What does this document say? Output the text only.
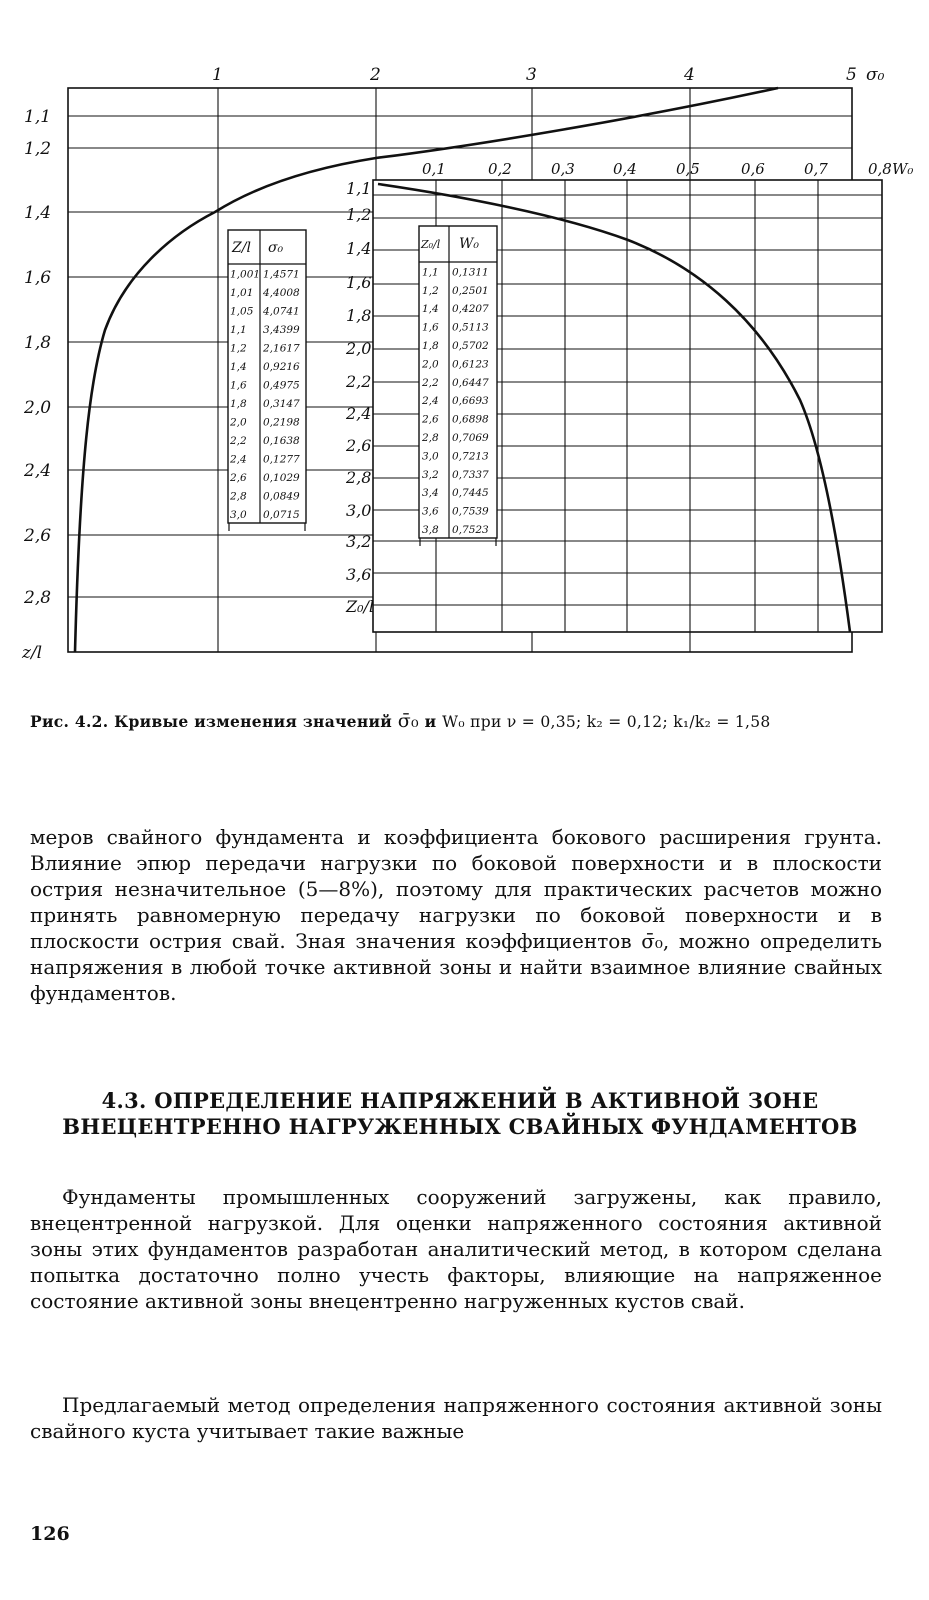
1	2	3	4	5 σ₀
1,1
1,2
1,4
1,6
1,8
2,0
2,4
2,6
2,8
z/l
Z/l σ₀
1,001 1,4571
1,01 4,4008
1,05 4,0741
1,1 3,4399
1,2 2,1617
1,4 0,9216
1,6 0,4975
1,8 0,3147
2,0 0,2198
2,2 0,1638
2,4 0,1277
2,6 0,1029
2,8 0,0849
3,0 0,0715
0,1	0,2	0,3	0,4	0,5	0,6	0,7	0,8 W₀
1,1
1,2
1,4
1,6
1,8
2,0
2,2
2,4
2,6
2,8
3,0
3,2
3,6
Z₀/l
Z₀/l W₀
1,1 0,1311
1,2 0,2501
1,4 0,4207
1,6 0,5113
1,8 0,5702
2,0 0,6123
2,2 0,6447
2,4 0,6693
2,6 0,6898
2,8 0,7069
3,0 0,7213
3,2 0,7337
3,4 0,7445
3,6 0,7539
3,8 0,7523
Рис. 4.2. Кривые изменения значений σ̄₀ и W₀ при ν = 0,35; k₂ = 0,12; k₁/k₂ = 1,58
меров свайного фундамента и коэффициента бокового расширения грунта. Влияние эпюр передачи нагрузки по боковой поверхности и в плоскости острия незначительное (5—8%), поэтому для практических расчетов можно принять равномерную передачу нагрузки по боковой поверхности и в плоскости острия свай. Зная значения коэффициентов σ̄₀, можно определить напряжения в любой точке активной зоны и найти взаимное влияние свайных фундаментов.
4.3. ОПРЕДЕЛЕНИЕ НАПРЯЖЕНИЙ В АКТИВНОЙ ЗОНЕ ВНЕЦЕНТРЕННО НАГРУЖЕННЫХ СВАЙНЫХ ФУНДАМЕНТОВ
Фундаменты промышленных сооружений загружены, как правило, внецентренной нагрузкой. Для оценки напряженного состояния активной зоны этих фундаментов разработан аналитический метод, в котором сделана попытка достаточно полно учесть факторы, влияющие на напряженное состояние активной зоны внецентренно нагруженных кустов свай.
Предлагаемый метод определения напряженного состояния активной зоны свайного куста учитывает такие важные
126
